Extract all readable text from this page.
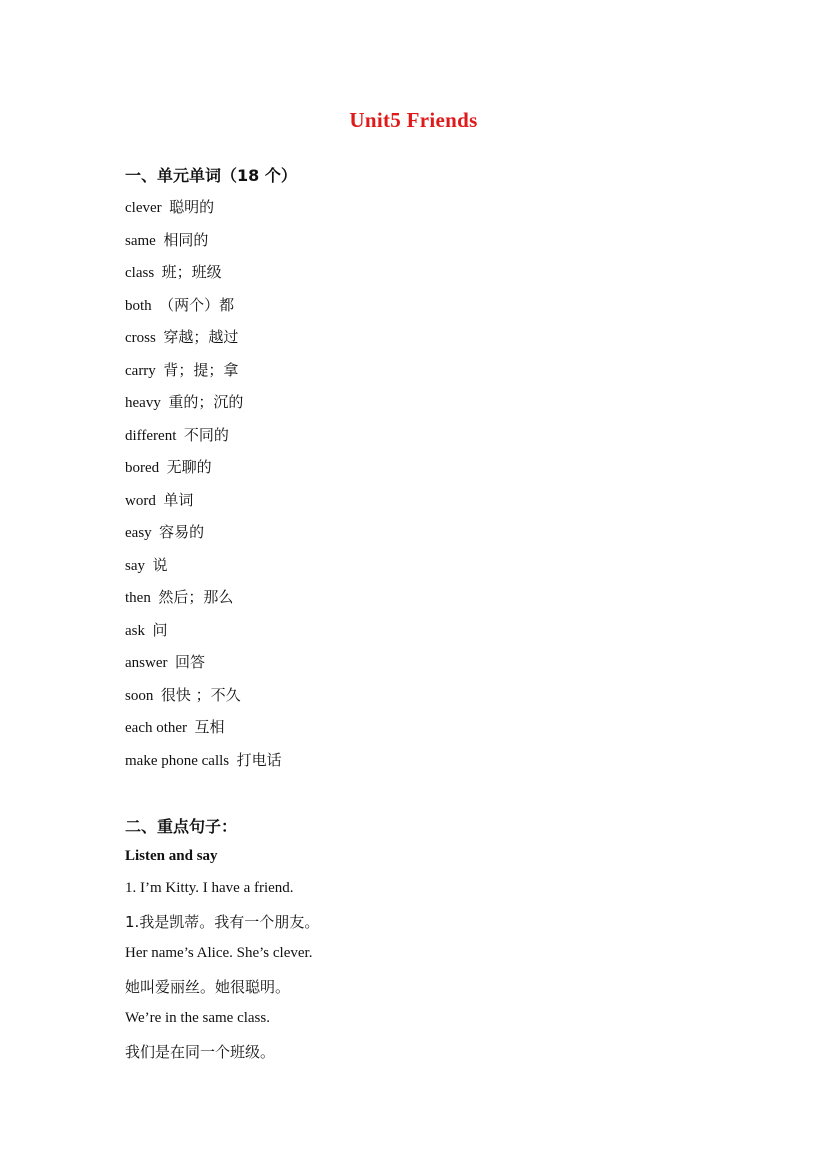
Unit5 Friends
一、单元单词（18 个）
clever 聪明的
same 相同的
class 班；班级
both （两个）都
cross 穿越；越过
carry 背；提；拿
heavy 重的；沉的
different 不同的
bored 无聊的
word 单词
easy 容易的
say 说
then 然后；那么
ask 问
answer 回答
soon 很快 ；不久
each other 互相
make phone calls 打电话
二、重点句子：
Listen and say
1. I’m Kitty. I have a friend.
1.我是凯蒂。我有一个朋友。
Her name’s Alice. She’s clever.
她叫爱丽丝。她很聪明。
We’re in the same class.
我们是在同一个班级。
